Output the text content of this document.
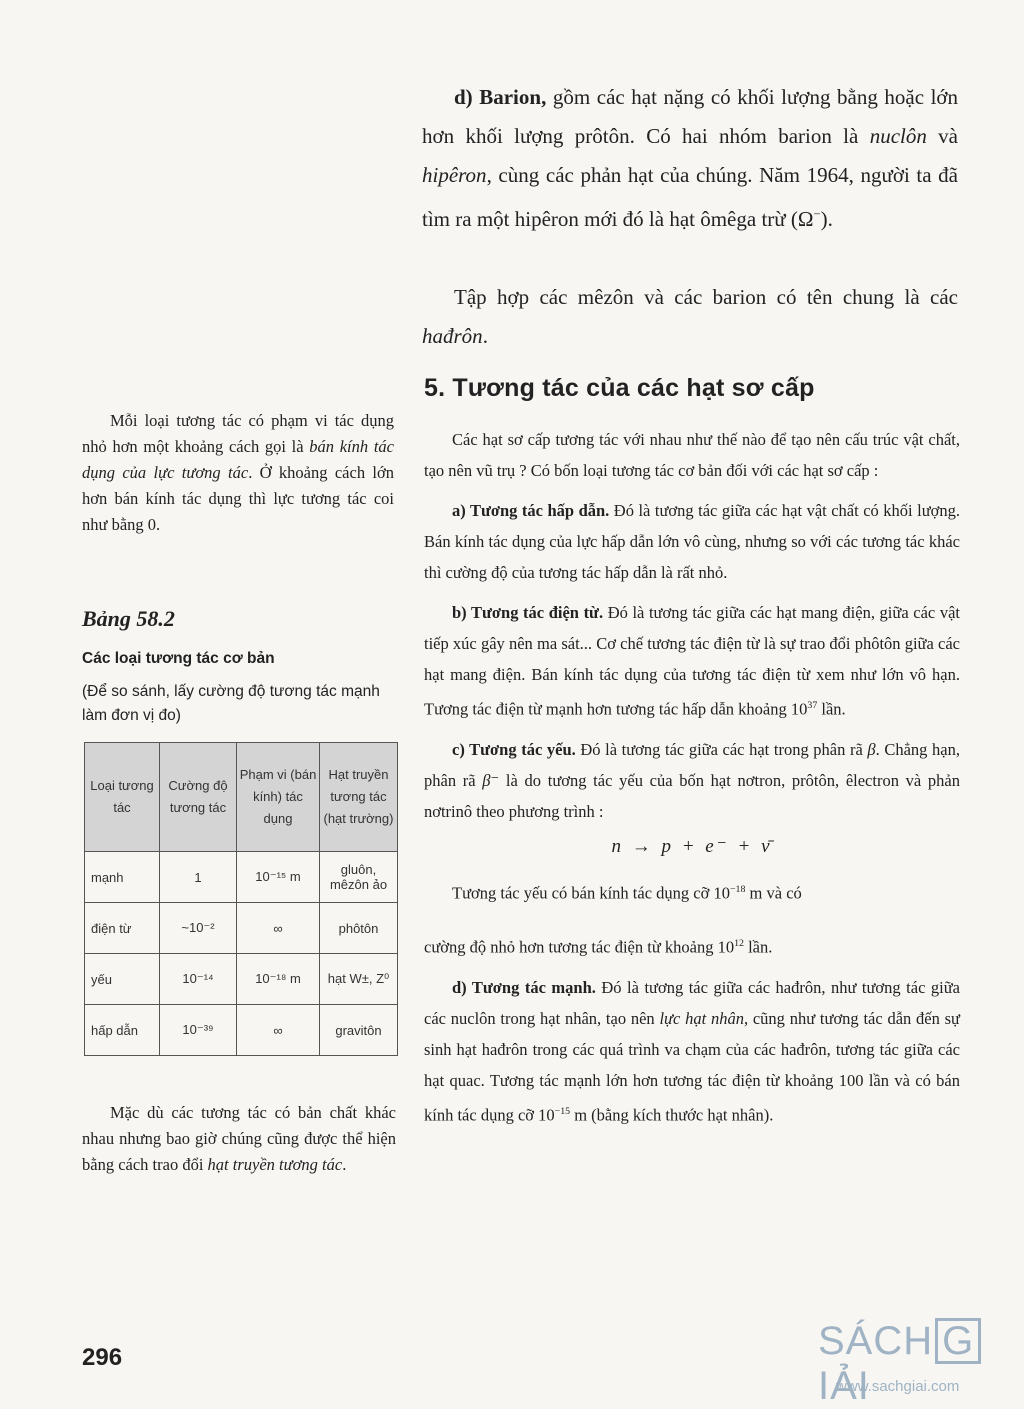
d) Barion, gồm các hạt nặng có khối lượng bằng hoặc lớn hơn khối lượng prôtôn. Có hai nhóm barion là nuclôn và hipêron, cùng các phản hạt của chúng. Năm 1964, người ta đã tìm ra một hipêron mới đó là hạt ômêga trừ (Ω−).

Tập hợp các mêzôn và các barion có tên chung là các hađrôn.

5. Tương tác của các hạt sơ cấp

Các hạt sơ cấp tương tác với nhau như thế nào để tạo nên cấu trúc vật chất, tạo nên vũ trụ ? Có bốn loại tương tác cơ bản đối với các hạt sơ cấp :

a) Tương tác hấp dẫn. Đó là tương tác giữa các hạt vật chất có khối lượng. Bán kính tác dụng của lực hấp dẫn lớn vô cùng, nhưng so với các tương tác khác thì cường độ của tương tác hấp dẫn là rất nhỏ.

b) Tương tác điện từ. Đó là tương tác giữa các hạt mang điện, giữa các vật tiếp xúc gây nên ma sát... Cơ chế tương tác điện từ là sự trao đổi phôtôn giữa các hạt mang điện. Bán kính tác dụng của tương tác điện từ xem như lớn vô hạn. Tương tác điện từ mạnh hơn tương tác hấp dẫn khoảng $10^{37}$ lần.

c) Tương tác yếu. Đó là tương tác giữa các hạt trong phân rã β. Chẳng hạn, phân rã β⁻ là do tương tác yếu của bốn hạt nơtron, prôtôn, êlectron và phản nơtrinô theo phương trình :

n → p + e⁻ + ν̄

Tương tác yếu có bán kính tác dụng cỡ $10^{-18}$ m và có

cường độ nhỏ hơn tương tác điện từ khoảng $10^{12}$ lần.

d) Tương tác mạnh. Đó là tương tác giữa các hađrôn, như tương tác giữa các nuclôn trong hạt nhân, tạo nên lực hạt nhân, cũng như tương tác dẫn đến sự sinh hạt hađrôn trong các quá trình va chạm của các hađrôn, tương tác giữa các hạt quac. Tương tác mạnh lớn hơn tương tác điện từ khoảng 100 lần và có bán kính tác dụng cỡ $10^{-15}$ m (bằng kích thước hạt nhân).

Mỗi loại tương tác có phạm vi tác dụng nhỏ hơn một khoảng cách gọi là bán kính tác dụng của lực tương tác. Ở khoảng cách lớn hơn bán kính tác dụng thì lực tương tác coi như bằng 0.

Bảng 58.2
Các loại tương tác cơ bản
(Để so sánh, lấy cường độ tương tác mạnh làm đơn vị đo)
Loại tương tác	Cường độ tương tác	Phạm vi (bán kính) tác dụng	Hạt truyền tương tác (hạt trường)
mạnh	1	10⁻¹⁵ m	gluôn, mêzôn ảo
điện từ	~10⁻²	∞	phôtôn
yếu	10⁻¹⁴	10⁻¹⁸ m	hạt W±, Z⁰
hấp dẫn	10⁻³⁹	∞	gravitôn

Mặc dù các tương tác có bản chất khác nhau nhưng bao giờ chúng cũng được thể hiện bằng cách trao đổi hạt truyền tương tác.

296	SÁCH GIẢI
www.sachgiai.com
